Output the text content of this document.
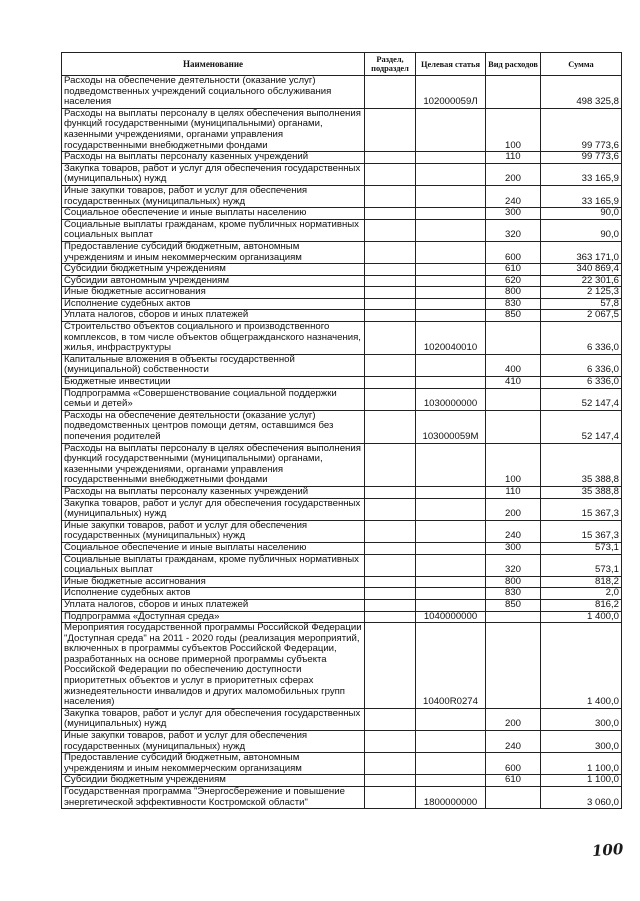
Наименование	Раздел, подраздел	Целевая статья	Вид расходов	Сумма
Расходы на обеспечение деятельности (оказание услуг) подведомственных учреждений социального обслуживания населения		102000059Л		498 325,8
Расходы на выплаты персоналу в целях обеспечения выполнения функций государственными (муниципальными) органами, казенными учреждениями, органами управления государственными внебюджетными фондами			100	99 773,6
Расходы на выплаты персоналу казенных учреждений			110	99 773,6
Закупка товаров, работ и услуг для обеспечения государственных (муниципальных) нужд			200	33 165,9
Иные закупки товаров, работ и услуг для обеспечения государственных (муниципальных) нужд			240	33 165,9
Социальное обеспечение и иные выплаты населению			300	90,0
Социальные выплаты гражданам, кроме публичных нормативных социальных выплат			320	90,0
Предоставление субсидий бюджетным, автономным учреждениям и иным некоммерческим организациям			600	363 171,0
Субсидии бюджетным учреждениям			610	340 869,4
Субсидии автономным учреждениям			620	22 301,6
Иные бюджетные ассигнования			800	2 125,3
Исполнение судебных актов			830	57,8
Уплата налогов, сборов и иных платежей			850	2 067,5
Строительство объектов социального и производственного комплексов, в том числе объектов общегражданского назначения, жилья, инфраструктуры		1020040010		6 336,0
Капитальные вложения в объекты государственной (муниципальной) собственности			400	6 336,0
Бюджетные инвестиции			410	6 336,0
Подпрограмма «Совершенствование социальной поддержки семьи и детей»		1030000000		52 147,4
Расходы на обеспечение деятельности (оказание услуг) подведомственных центров помощи детям, оставшимся без попечения родителей		103000059М		52 147,4
Расходы на выплаты персоналу в целях обеспечения выполнения функций государственными (муниципальными) органами, казенными учреждениями, органами управления государственными внебюджетными фондами			100	35 388,8
Расходы на выплаты персоналу казенных учреждений			110	35 388,8
Закупка товаров, работ и услуг для обеспечения государственных (муниципальных) нужд			200	15 367,3
Иные закупки товаров, работ и услуг для обеспечения государственных (муниципальных) нужд			240	15 367,3
Социальное обеспечение и иные выплаты населению			300	573,1
Социальные выплаты гражданам, кроме публичных нормативных социальных выплат			320	573,1
Иные бюджетные ассигнования			800	818,2
Исполнение судебных актов			830	2,0
Уплата налогов, сборов и иных платежей			850	816,2
Подпрограмма «Доступная среда»		1040000000		1 400,0
Мероприятия государственной программы Российской Федерации "Доступная среда" на 2011 - 2020 годы (реализация мероприятий, включенных в программы субъектов Российской Федерации, разработанных на основе примерной программы субъекта Российской Федерации по обеспечению доступности приоритетных объектов и услуг в приоритетных сферах жизнедеятельности инвалидов и других маломобильных групп населения)		10400R0274		1 400,0
Закупка товаров, работ и услуг для обеспечения государственных (муниципальных) нужд			200	300,0
Иные закупки товаров, работ и услуг для обеспечения государственных (муниципальных) нужд			240	300,0
Предоставление субсидий бюджетным, автономным учреждениям и иным некоммерческим организациям			600	1 100,0
Субсидии бюджетным учреждениям			610	1 100,0
Государственная программа "Энергосбережение и повышение энергетической эффективности Костромской области"		1800000000		3 060,0
100
